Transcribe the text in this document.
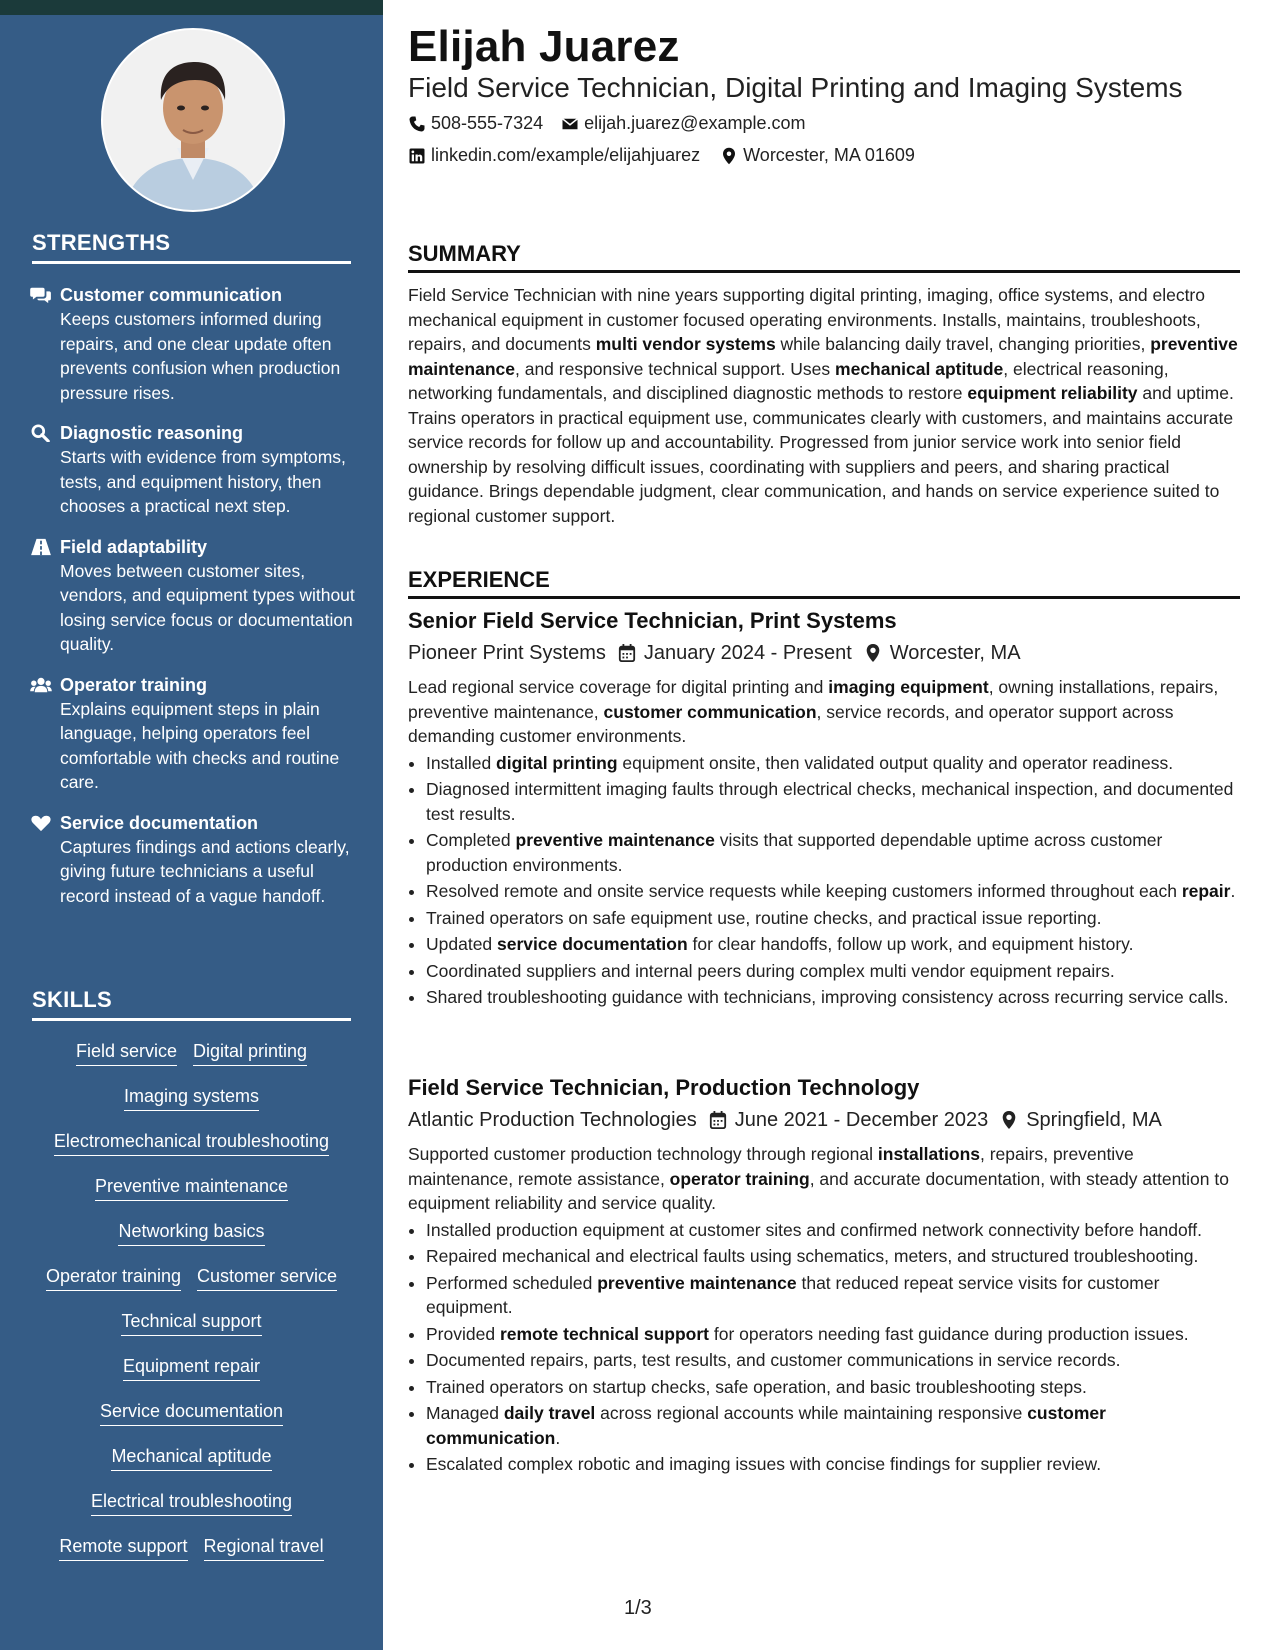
STRENGTHS
Customer communication
Keeps customers informed during repairs, and one clear update often prevents confusion when production pressure rises.
Diagnostic reasoning
Starts with evidence from symptoms, tests, and equipment history, then chooses a practical next step.
Field adaptability
Moves between customer sites, vendors, and equipment types without losing service focus or documentation quality.
Operator training
Explains equipment steps in plain language, helping operators feel comfortable with checks and routine care.
Service documentation
Captures findings and actions clearly, giving future technicians a useful record instead of a vague handoff.
SKILLS
Field service Digital printing
Imaging systems
Electromechanical troubleshooting
Preventive maintenance
Networking basics
Operator training Customer service
Technical support
Equipment repair
Service documentation
Mechanical aptitude
Electrical troubleshooting
Remote support Regional travel
Elijah Juarez
Field Service Technician, Digital Printing and Imaging Systems
508-555-7324 elijah.juarez@example.com
linkedin.com/example/elijahjuarez Worcester, MA 01609
SUMMARY
Field Service Technician with nine years supporting digital printing, imaging, office systems, and electro mechanical equipment in customer focused operating environments. Installs, maintains, troubleshoots, repairs, and documents multi vendor systems while balancing daily travel, changing priorities, preventive maintenance, and responsive technical support. Uses mechanical aptitude, electrical reasoning, networking fundamentals, and disciplined diagnostic methods to restore equipment reliability and uptime. Trains operators in practical equipment use, communicates clearly with customers, and maintains accurate service records for follow up and accountability. Progressed from junior service work into senior field ownership by resolving difficult issues, coordinating with suppliers and peers, and sharing practical guidance. Brings dependable judgment, clear communication, and hands on service experience suited to regional customer support.
EXPERIENCE
Senior Field Service Technician, Print Systems
Pioneer Print Systems January 2024 - Present Worcester, MA
Lead regional service coverage for digital printing and imaging equipment, owning installations, repairs, preventive maintenance, customer communication, service records, and operator support across demanding customer environments.
• Installed digital printing equipment onsite, then validated output quality and operator readiness.
• Diagnosed intermittent imaging faults through electrical checks, mechanical inspection, and documented test results.
• Completed preventive maintenance visits that supported dependable uptime across customer production environments.
• Resolved remote and onsite service requests while keeping customers informed throughout each repair.
• Trained operators on safe equipment use, routine checks, and practical issue reporting.
• Updated service documentation for clear handoffs, follow up work, and equipment history.
• Coordinated suppliers and internal peers during complex multi vendor equipment repairs.
• Shared troubleshooting guidance with technicians, improving consistency across recurring service calls.
Field Service Technician, Production Technology
Atlantic Production Technologies June 2021 - December 2023 Springfield, MA
Supported customer production technology through regional installations, repairs, preventive maintenance, remote assistance, operator training, and accurate documentation, with steady attention to equipment reliability and service quality.
• Installed production equipment at customer sites and confirmed network connectivity before handoff.
• Repaired mechanical and electrical faults using schematics, meters, and structured troubleshooting.
• Performed scheduled preventive maintenance that reduced repeat service visits for customer equipment.
• Provided remote technical support for operators needing fast guidance during production issues.
• Documented repairs, parts, test results, and customer communications in service records.
• Trained operators on startup checks, safe operation, and basic troubleshooting steps.
• Managed daily travel across regional accounts while maintaining responsive customer communication.
• Escalated complex robotic and imaging issues with concise findings for supplier review.
1/3
